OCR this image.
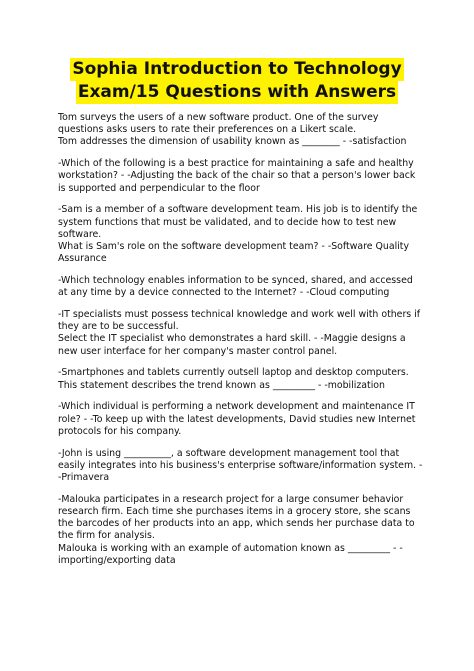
Sophia Introduction to Technology
Exam/15 Questions with Answers
Tom surveys the users of a new software product. One of the survey
questions asks users to rate their preferences on a Likert scale.
Tom addresses the dimension of usability known as ________ - -satisfaction
-Which of the following is a best practice for maintaining a safe and healthy
workstation? - -Adjusting the back of the chair so that a person's lower back
is supported and perpendicular to the floor
-Sam is a member of a software development team. His job is to identify the
system functions that must be validated, and to decide how to test new
software.
What is Sam's role on the software development team? - -Software Quality
Assurance
-Which technology enables information to be synced, shared, and accessed
at any time by a device connected to the Internet? - -Cloud computing
-IT specialists must possess technical knowledge and work well with others if
they are to be successful.
Select the IT specialist who demonstrates a hard skill. - -Maggie designs a
new user interface for her company's master control panel.
-Smartphones and tablets currently outsell laptop and desktop computers.
This statement describes the trend known as _________ - -mobilization
-Which individual is performing a network development and maintenance IT
role? - -To keep up with the latest developments, David studies new Internet
protocols for his company.
-John is using __________, a software development management tool that
easily integrates into his business's enterprise software/information system. -
-Primavera
-Malouka participates in a research project for a large consumer behavior
research firm. Each time she purchases items in a grocery store, she scans
the barcodes of her products into an app, which sends her purchase data to
the firm for analysis.
Malouka is working with an example of automation known as _________ - -
importing/exporting data
